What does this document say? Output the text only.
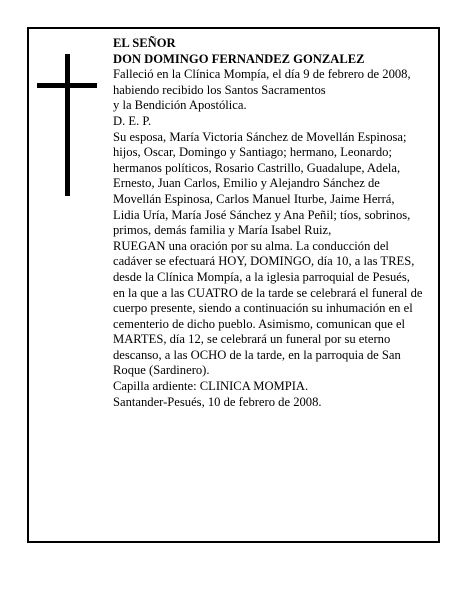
EL SEÑOR

DON DOMINGO FERNANDEZ GONZALEZ

Falleció en la Clínica Mompía, el día 9 de febrero de 2008,

habiendo recibido los Santos Sacramentos

y la Bendición Apostólica.

D. E. P.

Su esposa, María Victoria Sánchez de Movellán Espinosa; hijos, Oscar, Domingo y Santiago; hermano, Leonardo; hermanos políticos, Rosario Castrillo, Guadalupe, Adela, Ernesto, Juan Carlos, Emilio y Alejandro Sánchez de Movellán Espinosa, Carlos Manuel Iturbe, Jaime Herrá, Lidia Uría, María José Sánchez y Ana Peñil; tíos, sobrinos, primos, demás familia y María Isabel Ruiz,

RUEGAN una oración por su alma. La conducción del cadáver se efectuará HOY, DOMINGO, día 10, a las TRES, desde la Clínica Mompía, a la iglesia parroquial de Pesués, en la que a las CUATRO de la tarde se celebrará el funeral de cuerpo presente, siendo a continuación su inhumación en el cementerio de dicho pueblo. Asimismo, comunican que el MARTES, día 12, se celebrará un funeral por su eterno descanso, a las OCHO de la tarde, en la parroquia de San Roque (Sardinero).

Capilla ardiente: CLINICA MOMPIA.

Santander-Pesués, 10 de febrero de 2008.
